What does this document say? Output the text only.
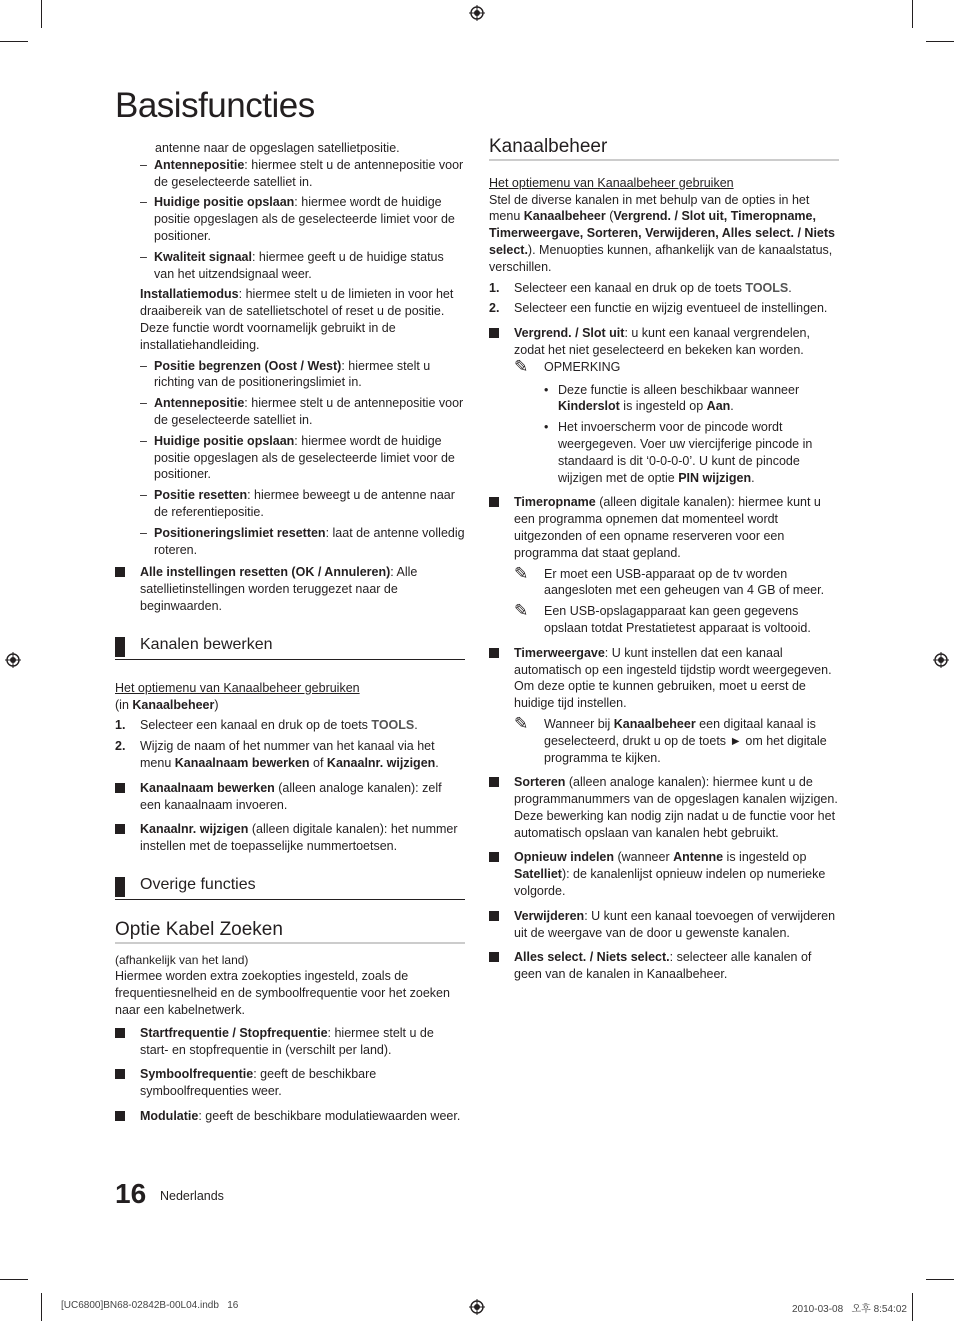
Basisfuncties

antenne naar de opgeslagen satellietpositie.

– Antennepositie: hiermee stelt u de antennepositie voor de geselecteerde satelliet in.

– Huidige positie opslaan: hiermee wordt de huidige positie opgeslagen als de geselecteerde limiet voor de positioner.

– Kwaliteit signaal: hiermee geeft u de huidige status van het uitzendsignaal weer.

Installatiemodus: hiermee stelt u de limieten in voor het draaibereik van de satellietschotel of reset u de positie. Deze functie wordt voornamelijk gebruikt in de installatiehandleiding.

– Positie begrenzen (Oost / West): hiermee stelt u richting van de positioneringslimiet in.

– Antennepositie: hiermee stelt u de antennepositie voor de geselecteerde satelliet in.

– Huidige positie opslaan: hiermee wordt de huidige positie opgeslagen als de geselecteerde limiet voor de positioner.

– Positie resetten: hiermee beweegt u de antenne naar de referentiepositie.

– Positioneringslimiet resetten: laat de antenne volledig roteren.

Alle instellingen resetten (OK / Annuleren): Alle satellietinstellingen worden teruggezet naar de beginwaarden.

Kanalen bewerken

Het optiemenu van Kanaalbeheer gebruiken

(in Kanaalbeheer)

1. Selecteer een kanaal en druk op de toets TOOLS.

2. Wijzig de naam of het nummer van het kanaal via het menu Kanaalnaam bewerken of Kanaalnr. wijzigen.

Kanaalnaam bewerken (alleen analoge kanalen): zelf een kanaalnaam invoeren.

Kanaalnr. wijzigen (alleen digitale kanalen): het nummer instellen met de toepasselijke nummertoetsen.

Overige functies
Optie Kabel Zoeken

(afhankelijk van het land)

Hiermee worden extra zoekopties ingesteld, zoals de frequentiesnelheid en de symboolfrequentie voor het zoeken naar een kabelnetwerk.

Startfrequentie / Stopfrequentie: hiermee stelt u de start- en stopfrequentie in (verschilt per land).

Symboolfrequentie: geeft de beschikbare symboolfrequenties weer.

Modulatie: geeft de beschikbare modulatiewaarden weer.

Kanaalbeheer

Het optiemenu van Kanaalbeheer gebruiken

Stel de diverse kanalen in met behulp van de opties in het menu Kanaalbeheer (Vergrend. / Slot uit, Timeropname, Timerweergave, Sorteren, Verwijderen, Alles select. / Niets select.). Menuopties kunnen, afhankelijk van de kanaalstatus, verschillen.

1. Selecteer een kanaal en druk op de toets TOOLS.

2. Selecteer een functie en wijzig eventueel de instellingen.

Vergrend. / Slot uit: u kunt een kanaal vergrendelen, zodat het niet geselecteerd en bekeken kan worden.

✎ OPMERKING

• Deze functie is alleen beschikbaar wanneer Kinderslot is ingesteld op Aan.

• Het invoerscherm voor de pincode wordt weergegeven. Voer uw viercijferige pincode in standaard is dit ‘0-0-0-0’. U kunt de pincode wijzigen met de optie PIN wijzigen.

Timeropname (alleen digitale kanalen): hiermee kunt u een programma opnemen dat momenteel wordt uitgezonden of een opname reserveren voor een programma dat staat gepland.

✎ Er moet een USB-apparaat op de tv worden aangesloten met een geheugen van 4 GB of meer.

✎ Een USB-opslagapparaat kan geen gegevens opslaan totdat Prestatietest apparaat is voltooid.

Timerweergave: U kunt instellen dat een kanaal automatisch op een ingesteld tijdstip wordt weergegeven. Om deze optie te kunnen gebruiken, moet u eerst de huidige tijd instellen.

✎ Wanneer bij Kanaalbeheer een digitaal kanaal is geselecteerd, drukt u op de toets ► om het digitale programma te kijken.

Sorteren (alleen analoge kanalen): hiermee kunt u de programmanummers van de opgeslagen kanalen wijzigen. Deze bewerking kan nodig zijn nadat u de functie voor het automatisch opslaan van kanalen hebt gebruikt.

Opnieuw indelen (wanneer Antenne is ingesteld op Satelliet): de kanalenlijst opnieuw indelen op numerieke volgorde.

Verwijderen: U kunt een kanaal toevoegen of verwijderen uit de weergave van de door u gewenste kanalen.

Alles select. / Niets select.: selecteer alle kanalen of geen van de kanalen in Kanaalbeheer.

16 Nederlands
[UC6800]BN68-02842B-00L04.indb   16	2010-03-08   오후 8:54:02
